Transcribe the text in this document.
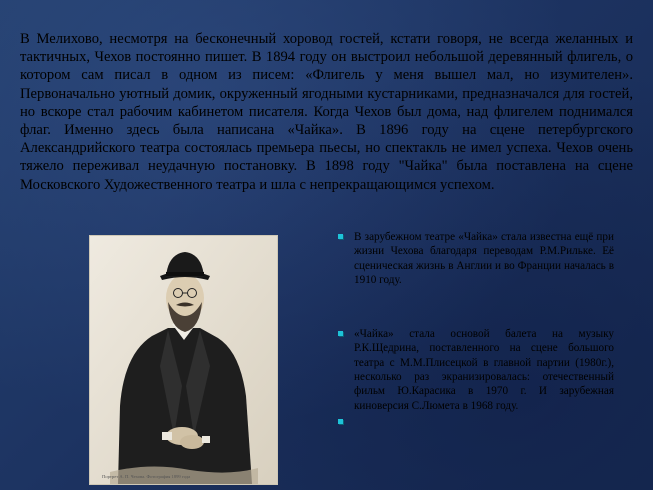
В Мелихово, несмотря на бесконечный хоровод гостей, кстати говоря, не всегда желанных и тактичных, Чехов постоянно пишет. В 1894 году он выстроил небольшой деревянный флигель, о котором сам писал в одном из писем: «Флигель у меня вышел мал, но изумителен». Первоначально уютный домик, окруженный ягодными кустарниками, предназначался для гостей, но вскоре стал рабочим кабинетом писателя. Когда Чехов был дома, над флигелем поднимался флаг. Именно здесь была написана «Чайка». В 1896 году на сцене петербургского Александрийского театра состоялась премьера пьесы, но спектакль не имел успеха. Чехов очень тяжело переживал неудачную постановку. В 1898 году "Чайка" была поставлена на сцене Московского Художественного театра и шла с непрекращающимся успехом.

Портрет А. П. Чехова. Фотография 1899 года
В зарубежном театре «Чайка» стала известна ещё при жизни Чехова благодаря переводам Р.М.Рильке. Её сценическая жизнь в Англии и во Франции началась в 1910 году.
«Чайка» стала основой балета на музыку Р.К.Щедрина, поставленного на сцене большого театра с М.М.Плисецкой в главной партии (1980г.), несколько раз экранизировалась: отечественный фильм Ю.Карасика в 1970 г. И зарубежная киноверсия С.Люмета в 1968 году.
